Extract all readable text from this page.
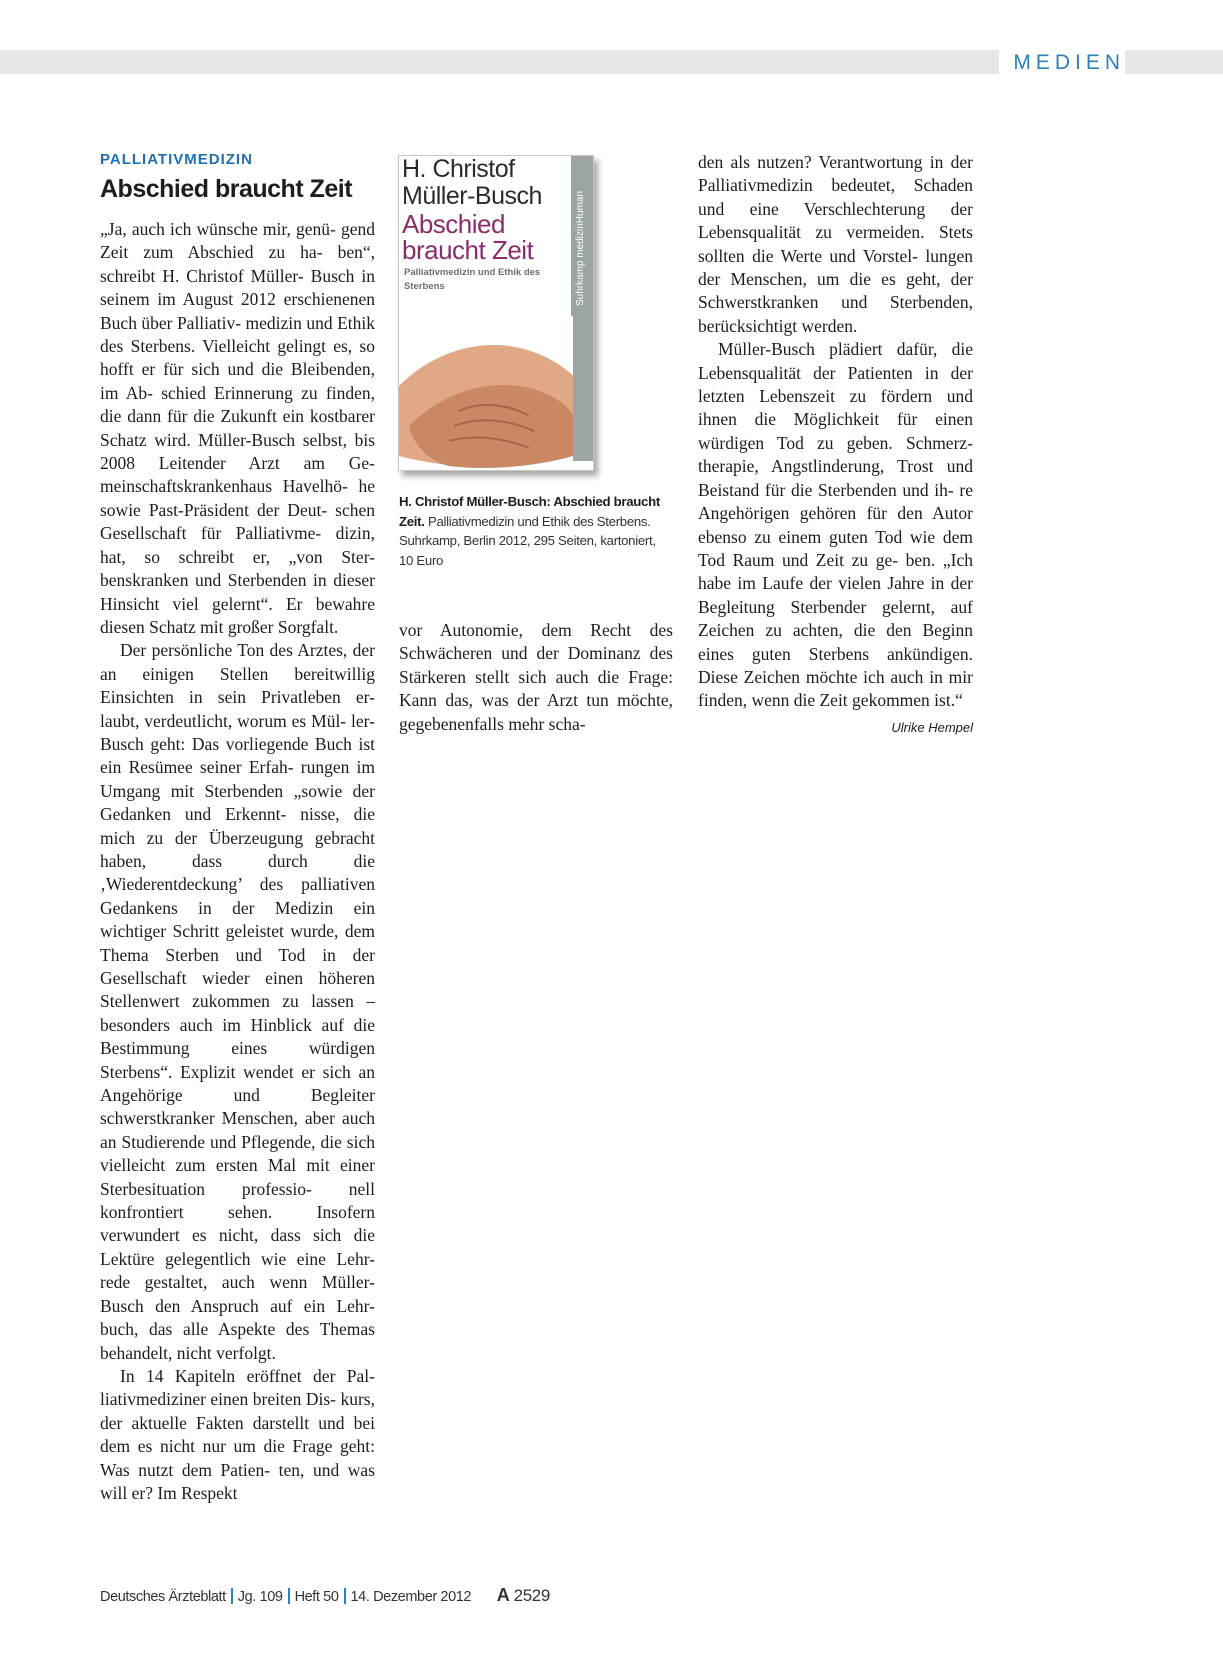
MEDIEN
PALLIATIVMEDIZIN
Abschied braucht Zeit

„Ja, auch ich wünsche mir, genü- gend Zeit zum Abschied zu ha- ben“, schreibt H. Christof Müller- Busch in seinem im August 2012 erschienenen Buch über Palliativ- medizin und Ethik des Sterbens. Vielleicht gelingt es, so hofft er für sich und die Bleibenden, im Ab- schied Erinnerung zu finden, die dann für die Zukunft ein kostbarer Schatz wird. Müller-Busch selbst, bis 2008 Leitender Arzt am Ge- meinschaftskrankenhaus Havelhö- he sowie Past-Präsident der Deut- schen Gesellschaft für Palliativme- dizin, hat, so schreibt er, „von Ster- benskranken und Sterbenden in dieser Hinsicht viel gelernt“. Er bewahre diesen Schatz mit großer Sorgfalt.

Der persönliche Ton des Arztes, der an einigen Stellen bereitwillig Einsichten in sein Privatleben er- laubt, verdeutlicht, worum es Mül- ler-Busch geht: Das vorliegende Buch ist ein Resümee seiner Erfah- rungen im Umgang mit Sterbenden „sowie der Gedanken und Erkennt- nisse, die mich zu der Überzeugung gebracht haben, dass durch die ‚Wiederentdeckung’ des palliativen Gedankens in der Medizin ein wichtiger Schritt geleistet wurde, dem Thema Sterben und Tod in der Gesellschaft wieder einen höheren Stellenwert zukommen zu lassen – besonders auch im Hinblick auf die Bestimmung eines würdigen Sterbens“. Explizit wendet er sich an Angehörige und Begleiter schwerstkranker Menschen, aber auch an Studierende und Pflegende, die sich vielleicht zum ersten Mal mit einer Sterbesituation professio- nell konfrontiert sehen. Insofern verwundert es nicht, dass sich die Lektüre gelegentlich wie eine Lehr- rede gestaltet, auch wenn Müller- Busch den Anspruch auf ein Lehr- buch, das alle Aspekte des Themas behandelt, nicht verfolgt.

In 14 Kapiteln eröffnet der Pal- liativmediziner einen breiten Dis- kurs, der aktuelle Fakten darstellt und bei dem es nicht nur um die Frage geht: Was nutzt dem Patien- ten, und was will er? Im Respekt

H. Christof Müller-Busch
Abschied braucht Zeit
Palliativmedizin und Ethik des Sterbens	Suhrkamp medizinHuman
H. Christof Müller-Busch: Abschied braucht Zeit. Palliativmedizin und Ethik des Sterbens. Suhrkamp, Berlin 2012, 295 Seiten, kartoniert, 10 Euro

vor Autonomie, dem Recht des Schwächeren und der Dominanz des Stärkeren stellt sich auch die Frage: Kann das, was der Arzt tun möchte, gegebenenfalls mehr scha-

den als nutzen? Verantwortung in der Palliativmedizin bedeutet, Schaden und eine Verschlechterung der Lebensqualität zu vermeiden. Stets sollten die Werte und Vorstel- lungen der Menschen, um die es geht, der Schwerstkranken und Sterbenden, berücksichtigt werden.

Müller-Busch plädiert dafür, die Lebensqualität der Patienten in der letzten Lebenszeit zu fördern und ihnen die Möglichkeit für einen würdigen Tod zu geben. Schmerz- therapie, Angstlinderung, Trost und Beistand für die Sterbenden und ih- re Angehörigen gehören für den Autor ebenso zu einem guten Tod wie dem Tod Raum und Zeit zu ge- ben. „Ich habe im Laufe der vielen Jahre in der Begleitung Sterbender gelernt, auf Zeichen zu achten, die den Beginn eines guten Sterbens ankündigen. Diese Zeichen möchte ich auch in mir finden, wenn die Zeit gekommen ist.“
Ulrike Hempel

Deutsches Ärzteblatt Jg. 109 Heft 50 14. Dezember 2012 A 2529
